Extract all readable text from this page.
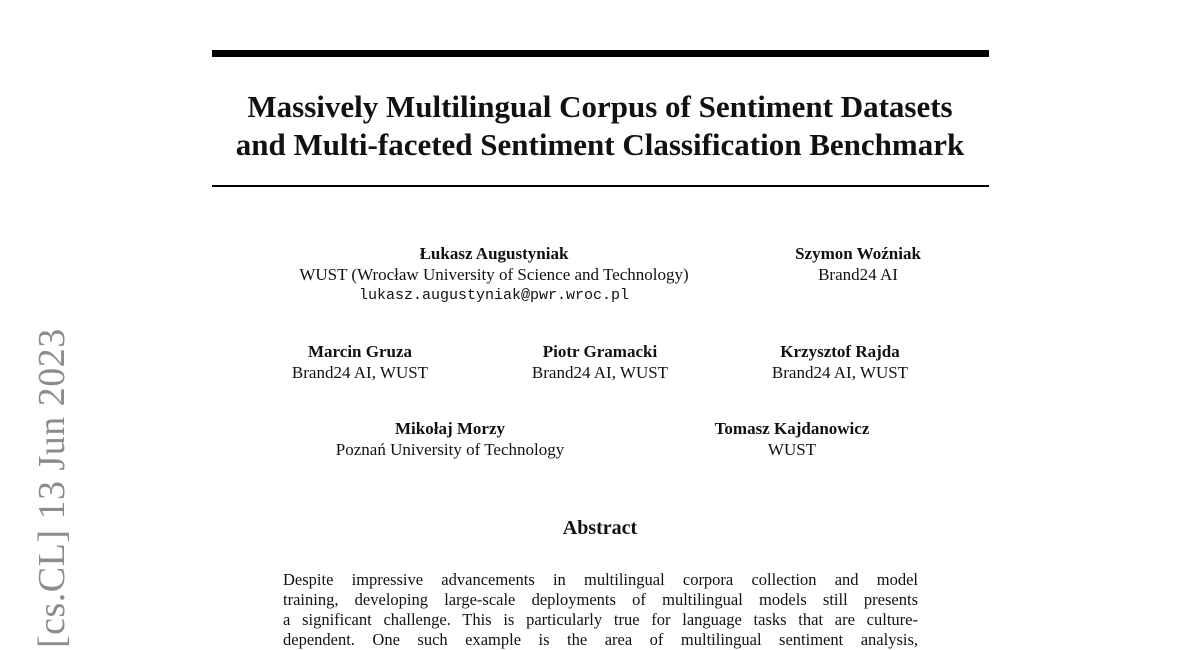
Massively Multilingual Corpus of Sentiment Datasets
and Multi-faceted Sentiment Classification Benchmark
Łukasz Augustyniak
WUST (Wrocław University of Science and Technology)
lukasz.augustyniak@pwr.wroc.pl
Szymon Woźniak
Brand24 AI
Marcin Gruza
Brand24 AI, WUST
Piotr Gramacki
Brand24 AI, WUST
Krzysztof Rajda
Brand24 AI, WUST
Mikołaj Morzy
Poznań University of Technology
Tomasz Kajdanowicz
WUST
Abstract
Despite impressive advancements in multilingual corpora collection and model
training, developing large-scale deployments of multilingual models still presents
a significant challenge. This is particularly true for language tasks that are culture-
dependent. One such example is the area of multilingual sentiment analysis,
[cs.CL] 13 Jun 2023
